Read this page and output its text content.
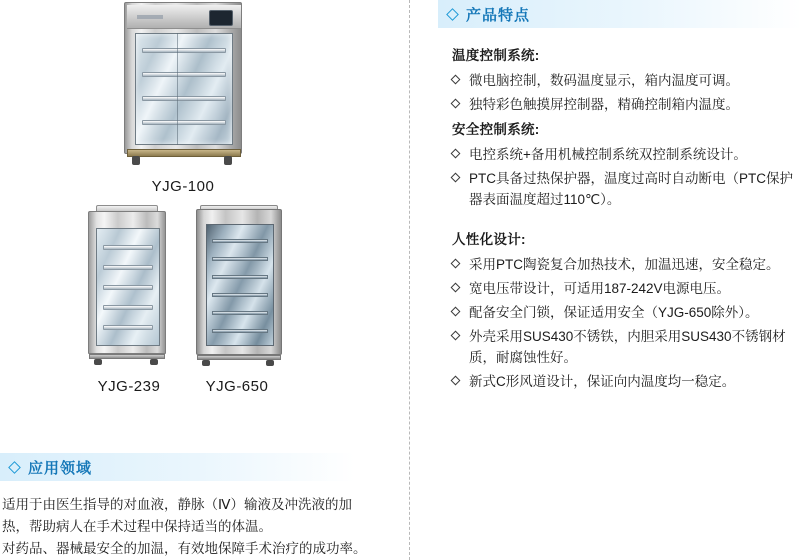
YJG-100
YJG-239	YJG-650
应用领域

适用于由医生指导的对血液，静脉（Ⅳ）输液及冲洗液的加

热，帮助病人在手术过程中保持适当的体温。

对药品、器械最安全的加温，有效地保障手术治疗的成功率。

产品特点
温度控制系统:
微电脑控制，数码温度显示，箱内温度可调。
独特彩色触摸屏控制器，精确控制箱内温度。
安全控制系统:
电控系统+备用机械控制系统双控制系统设计。
PTC具备过热保护器，温度过高时自动断电（PTC保护器表面温度超过110℃）。
人性化设计:
采用PTC陶瓷复合加热技术，加温迅速，安全稳定。
宽电压带设计，可适用187-242V电源电压。
配备安全门锁，保证适用安全（YJG-650除外）。
外壳采用SUS430不锈铁，内胆采用SUS430不锈钢材质，耐腐蚀性好。
新式C形风道设计，保证向内温度均一稳定。
